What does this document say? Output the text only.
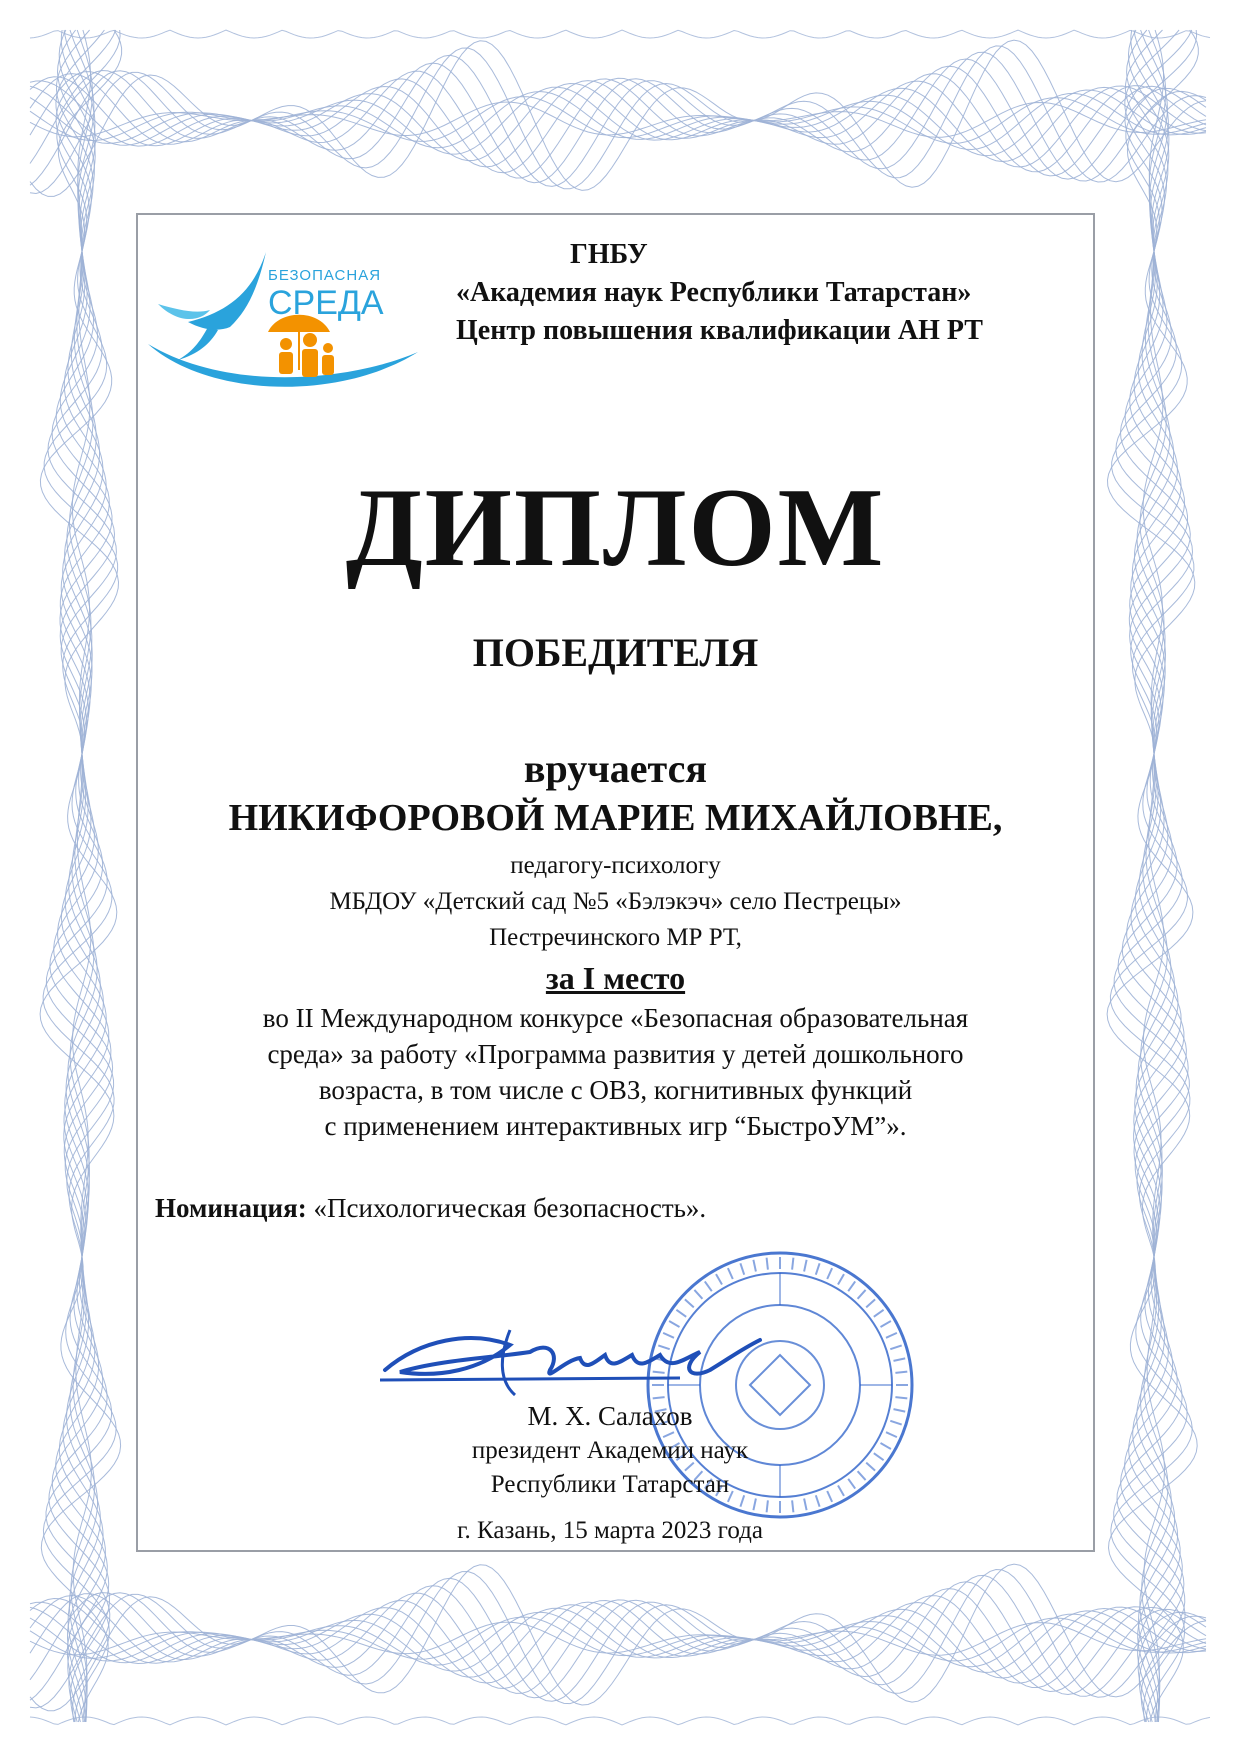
БЕЗОПАСНАЯ
СРЕДА
ГНБУ
«Академия наук Республики Татарстан»
Центр повышения квалификации АН РТ
ДИПЛОМ
ПОБЕДИТЕЛЯ
вручается
НИКИФОРОВОЙ МАРИЕ МИХАЙЛОВНЕ,
педагогу-психологу
МБДОУ «Детский сад №5 «Бэлэкэч» село Пестрецы»
Пестречинского МР РТ,
за I место
во II Международном конкурсе «Безопасная образовательная
среда» за работу «Программа развития у детей дошкольного
возраста, в том числе с ОВЗ, когнитивных функций
с применением интерактивных игр “БыстроУМ”».
Номинация: «Психологическая безопасность».
М. Х. Салахов
президент Академии наук
Республики Татарстан
г. Казань, 15 марта 2023 года
